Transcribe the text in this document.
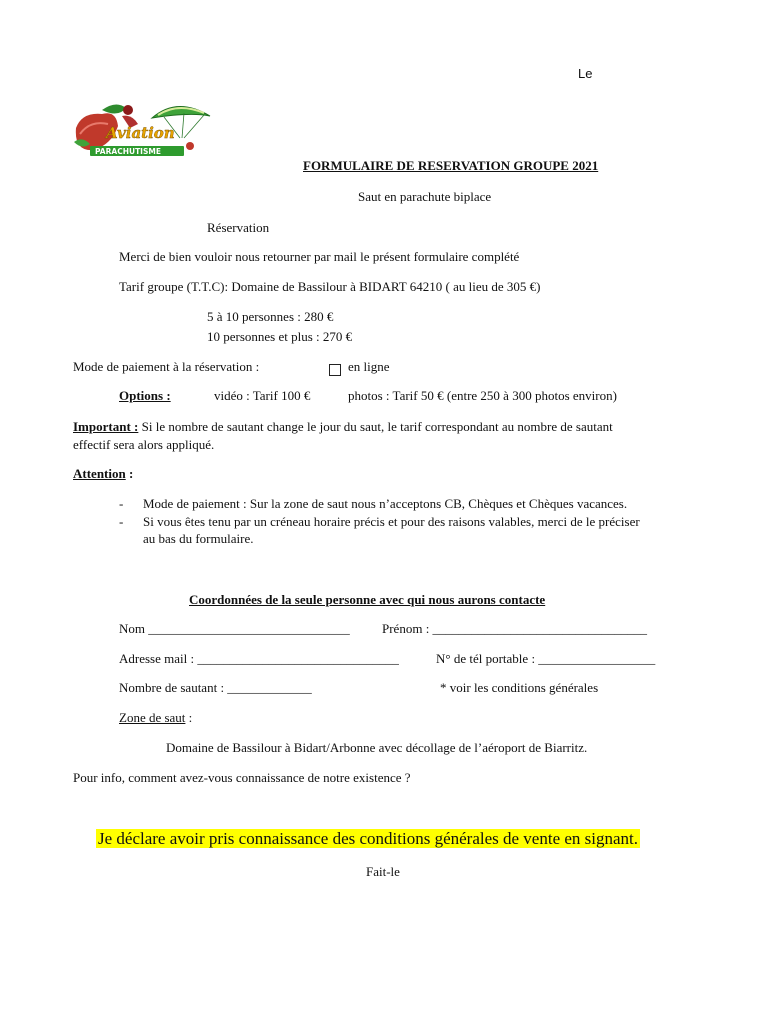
Le
Aviation
PARACHUTISME
FORMULAIRE DE RESERVATION GROUPE 2021
Saut en parachute biplace
Réservation
Merci de bien vouloir nous retourner par mail le présent formulaire complété
Tarif groupe (T.T.C): Domaine de Bassilour à BIDART 64210 ( au lieu de 305 €)
5 à 10 personnes : 280 €
10 personnes et plus : 270 €
Mode de paiement à la réservation :	en ligne
Options :	vidéo : Tarif 100 €	photos : Tarif 50 € (entre 250 à 300 photos environ)
Important : Si le nombre de sautant change le jour du saut, le tarif correspondant au nombre de sautant
effectif sera alors appliqué.
Attention :
- Mode de paiement : Sur la zone de saut nous n’acceptons CB, Chèques et Chèques vacances.
- Si vous êtes tenu par un créneau horaire précis et pour des raisons valables, merci de le préciser
au bas du formulaire.
Coordonnées de la seule personne avec qui nous aurons contacte
Nom _______________________________ Prénom : _________________________________
Adresse mail : _______________________________	N° de tél portable : __________________
Nombre de sautant : _____________	* voir les conditions générales
Zone de saut :
Domaine de Bassilour à Bidart/Arbonne avec décollage de l’aéroport de Biarritz.
Pour info, comment avez-vous connaissance de notre existence ?
Je déclare avoir pris connaissance des conditions générales de vente en signant.
Fait-le
